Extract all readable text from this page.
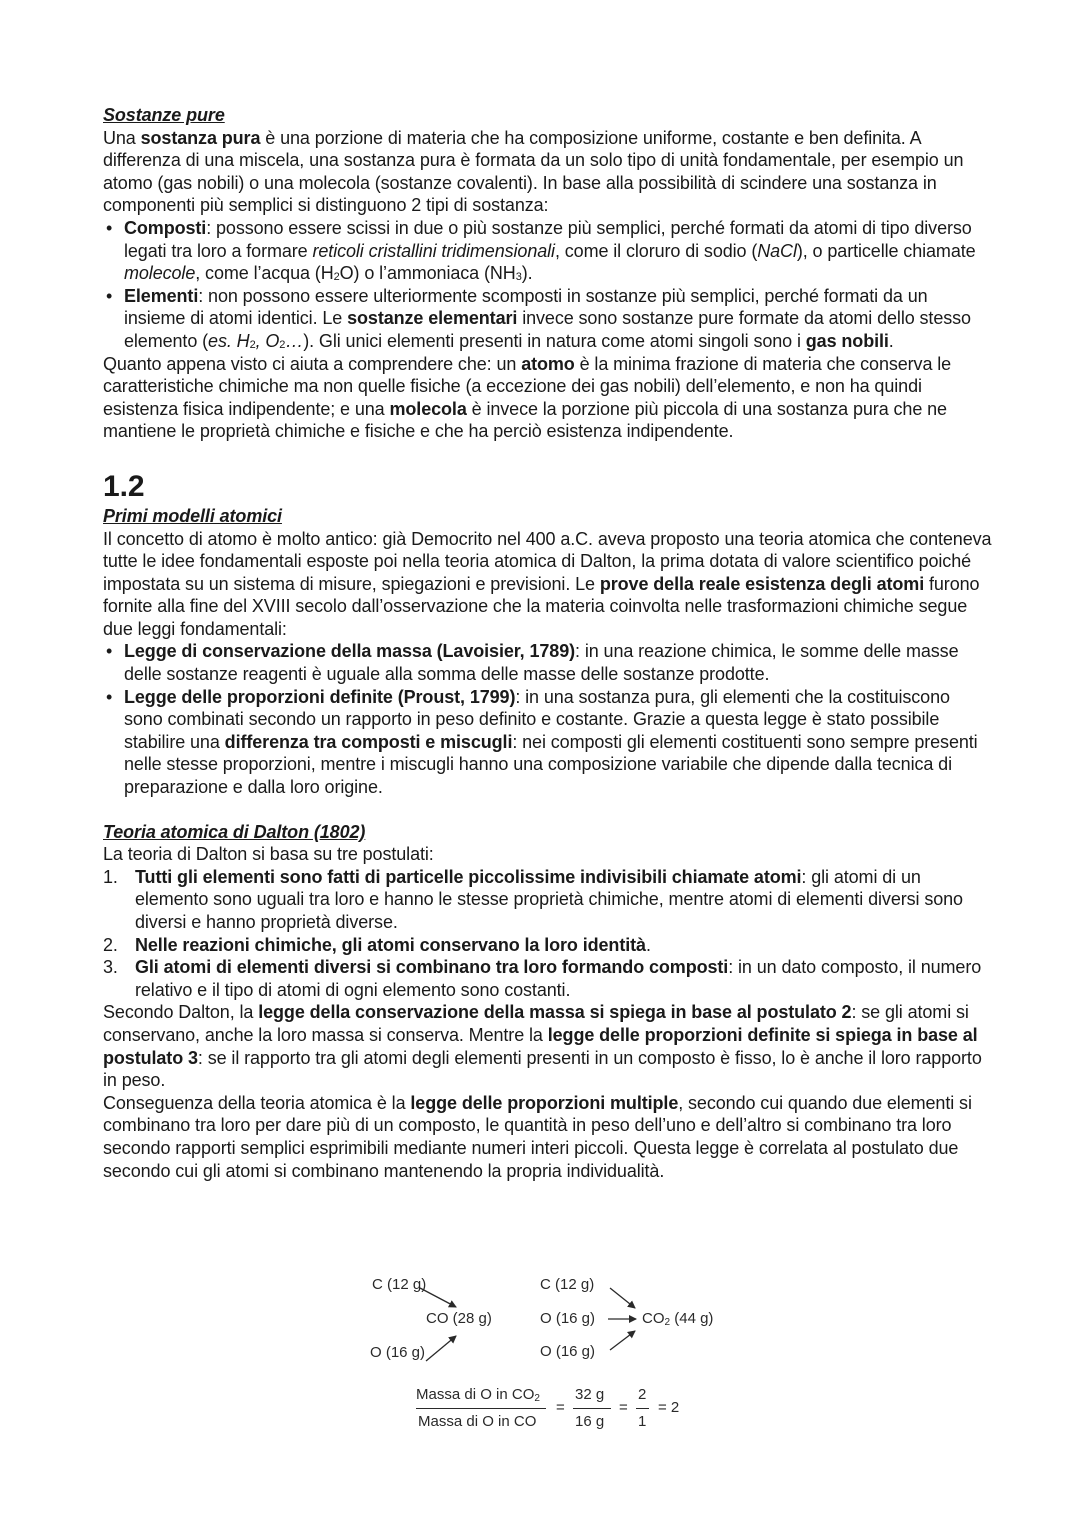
Sostanze pure
Una sostanza pura è una porzione di materia che ha composizione uniforme, costante e ben definita. A differenza di una miscela, una sostanza pura è formata da un solo tipo di unità fondamentale, per esempio un atomo (gas nobili) o una molecola (sostanze covalenti). In base alla possibilità di scindere una sostanza in componenti più semplici si distinguono 2 tipi di sostanza:
• Composti: possono essere scissi in due o più sostanze più semplici, perché formati da atomi di tipo diverso legati tra loro a formare reticoli cristallini tridimensionali, come il cloruro di sodio (NaCl), o particelle chiamate molecole, come l’acqua $(H_2O)$ o l’ammoniaca $(NH_3)$.
• Elementi: non possono essere ulteriormente scomposti in sostanze più semplici, perché formati da un insieme di atomi identici. Le sostanze elementari invece sono sostanze pure formate da atomi dello stesso elemento (es. $H_2$, $O_2\dots$). Gli unici elementi presenti in natura come atomi singoli sono i gas nobili.
Quanto appena visto ci aiuta a comprendere che: un atomo è la minima frazione di materia che conserva le caratteristiche chimiche ma non quelle fisiche (a eccezione dei gas nobili) dell’elemento, e non ha quindi esistenza fisica indipendente; e una molecola è invece la porzione più piccola di una sostanza pura che ne mantiene le proprietà chimiche e fisiche e che ha perciò esistenza indipendente.
1.2
Primi modelli atomici
Il concetto di atomo è molto antico: già Democrito nel 400 a.C. aveva proposto una teoria atomica che conteneva tutte le idee fondamentali esposte poi nella teoria atomica di Dalton, la prima dotata di valore scientifico poiché impostata su un sistema di misure, spiegazioni e previsioni. Le prove della reale esistenza degli atomi furono fornite alla fine del XVIII secolo dall’osservazione che la materia coinvolta nelle trasformazioni chimiche segue due leggi fondamentali:
• Legge di conservazione della massa (Lavoisier, 1789): in una reazione chimica, le somme delle masse delle sostanze reagenti è uguale alla somma delle masse delle sostanze prodotte.
• Legge delle proporzioni definite (Proust, 1799): in una sostanza pura, gli elementi che la costituiscono sono combinati secondo un rapporto in peso definito e costante. Grazie a questa legge è stato possibile stabilire una differenza tra composti e miscugli: nei composti gli elementi costituenti sono sempre presenti nelle stesse proporzioni, mentre i miscugli hanno una composizione variabile che dipende dalla tecnica di preparazione e dalla loro origine.
Teoria atomica di Dalton (1802)
La teoria di Dalton si basa su tre postulati:
1. Tutti gli elementi sono fatti di particelle piccolissime indivisibili chiamate atomi: gli atomi di un elemento sono uguali tra loro e hanno le stesse proprietà chimiche, mentre atomi di elementi diversi sono diversi e hanno proprietà diverse.
2. Nelle reazioni chimiche, gli atomi conservano la loro identità.
3. Gli atomi di elementi diversi si combinano tra loro formando composti: in un dato composto, il numero relativo e il tipo di atomi di ogni elemento sono costanti.
Secondo Dalton, la legge della conservazione della massa si spiega in base al postulato 2: se gli atomi si conservano, anche la loro massa si conserva. Mentre la legge delle proporzioni definite si spiega in base al postulato 3: se il rapporto tra gli atomi degli elementi presenti in un composto è fisso, lo è anche il loro rapporto in peso.
Conseguenza della teoria atomica è la legge delle proporzioni multiple, secondo cui quando due elementi si combinano tra loro per dare più di un composto, le quantità in peso dell’uno e dell’altro si combinano tra loro secondo rapporti semplici esprimibili mediante numeri interi piccoli. Questa legge è correlata al postulato due secondo cui gli atomi si combinano mantenendo la propria individualità.
C (12 g)
CO (28 g)
O (16 g)
C (12 g)
O (16 g)	$CO_2$ (44 g)
O (16 g)
Massa di O in $CO_2$
Massa di O in CO
=
32 g
16 g
=
2
1
= 2
